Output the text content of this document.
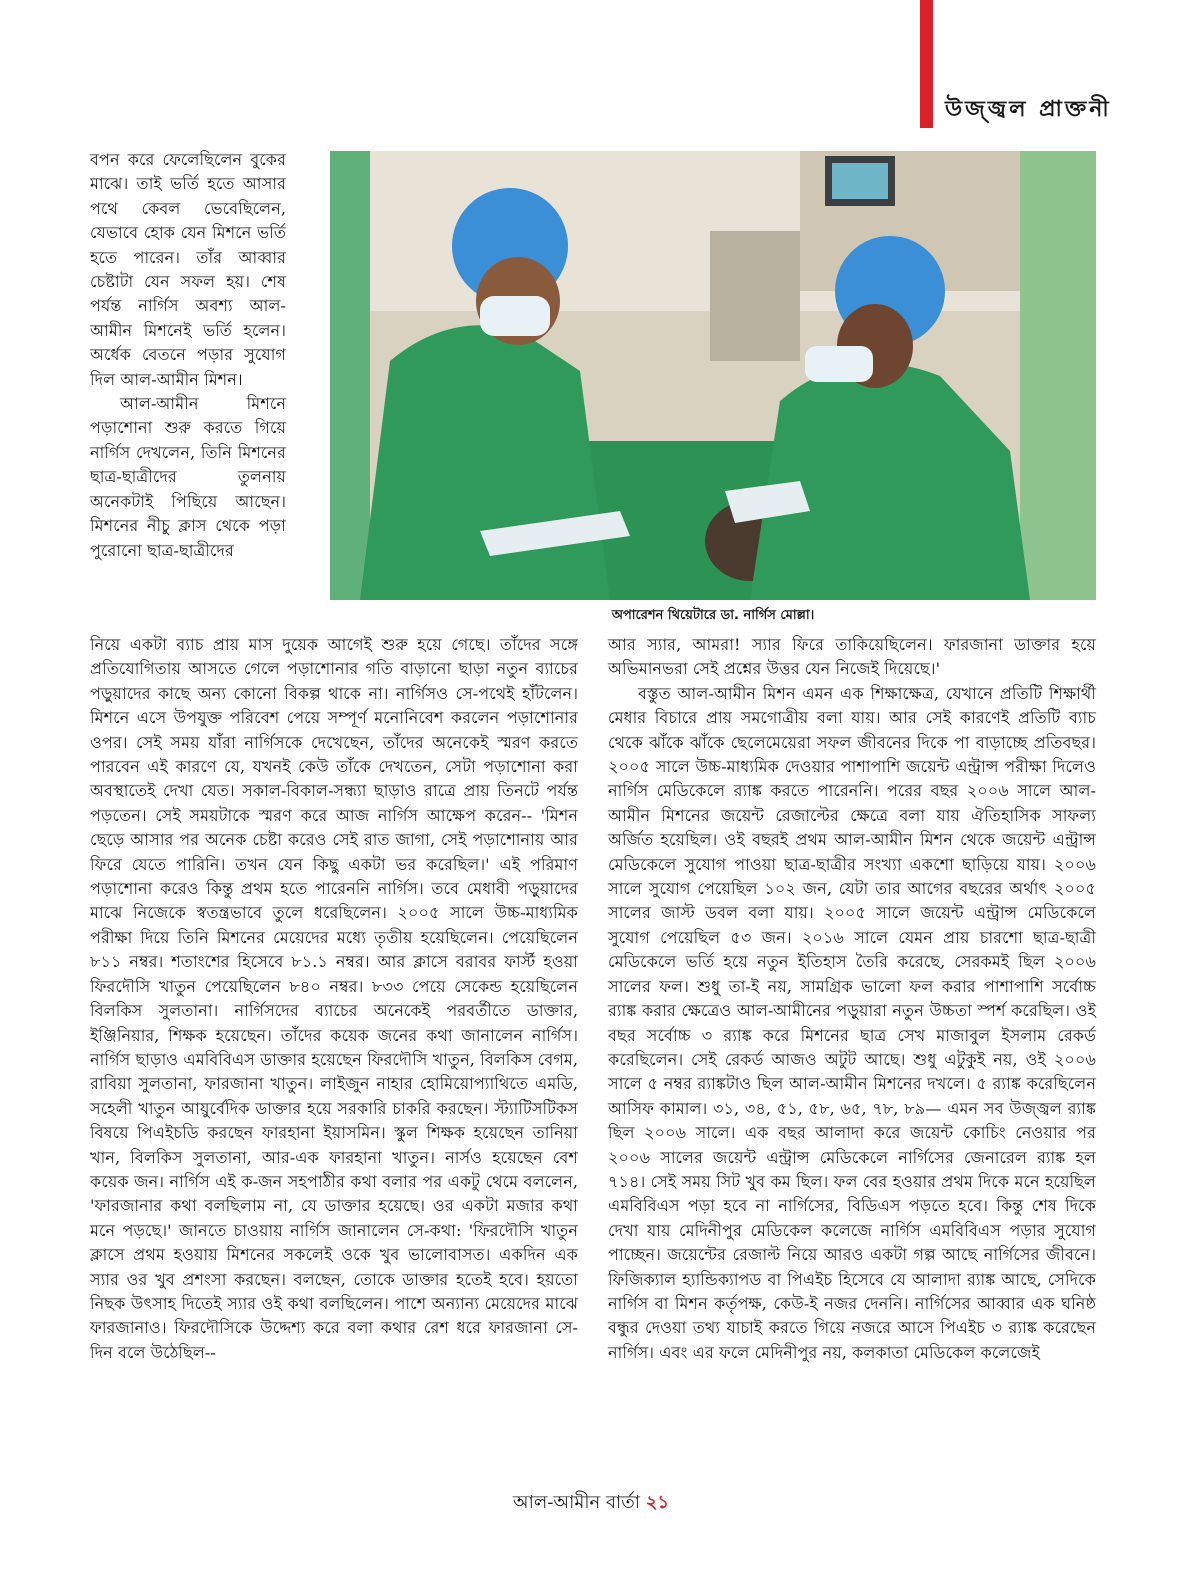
উজ্জ্বল প্রাক্তনী

বপন করে ফেলেছিলেন বুকের মাঝে। তাই ভর্তি হতে আসার পথে কেবল ভেবেছিলেন, যেভাবে হোক যেন মিশনে ভর্তি হতে পারেন। তাঁর আব্বার চেষ্টাটা যেন সফল হয়। শেষ পর্যন্ত নার্গিস অবশ্য আল-আমীন মিশনেই ভর্তি হলেন। অর্ধেক বেতনে পড়ার সুযোগ দিল আল-আমীন মিশন।

আল-আমীন মিশনে পড়াশোনা শুরু করতে গিয়ে নার্গিস দেখলেন, তিনি মিশনের ছাত্র-ছাত্রীদের তুলনায় অনেকটাই পিছিয়ে আছেন। মিশনের নীচু ক্লাস থেকে পড়া পুরোনো ছাত্র-ছাত্রীদের

অপারেশন থিয়েটারে ডা. নার্গিস মোল্লা।

নিয়ে একটা ব্যাচ প্রায় মাস দুয়েক আগেই শুরু হয়ে গেছে। তাঁদের সঙ্গে প্রতিযোগিতায় আসতে গেলে পড়াশোনার গতি বাড়ানো ছাড়া নতুন ব্যাচের পড়ুয়াদের কাছে অন্য কোনো বিকল্প থাকে না। নার্গিসও সে-পথেই হাঁটলেন। মিশনে এসে উপযুক্ত পরিবেশ পেয়ে সম্পূর্ণ মনোনিবেশ করলেন পড়াশোনার ওপর। সেই সময় যাঁরা নার্গিসকে দেখেছেন, তাঁদের অনেকেই স্মরণ করতে পারবেন এই কারণে যে, যখনই কেউ তাঁকে দেখতেন, সেটা পড়াশোনা করা অবস্থাতেই দেখা যেত। সকাল-বিকাল-সন্ধ্যা ছাড়াও রাত্রে প্রায় তিনটে পর্যন্ত পড়তেন। সেই সময়টাকে স্মরণ করে আজ নার্গিস আক্ষেপ করেন-- 'মিশন ছেড়ে আসার পর অনেক চেষ্টা করেও সেই রাত জাগা, সেই পড়াশোনায় আর ফিরে যেতে পারিনি। তখন যেন কিছু একটা ভর করেছিল।' এই পরিমাণ পড়াশোনা করেও কিন্তু প্রথম হতে পারেননি নার্গিস। তবে মেধাবী পড়ুয়াদের মাঝে নিজেকে স্বতন্ত্রভাবে তুলে ধরেছিলেন। ২০০৫ সালে উচ্চ-মাধ্যমিক পরীক্ষা দিয়ে তিনি মিশনের মেয়েদের মধ্যে তৃতীয় হয়েছিলেন। পেয়েছিলেন ৮১১ নম্বর। শতাংশের হিসেবে ৮১.১ নম্বর। আর ক্লাসে বরাবর ফার্স্ট হওয়া ফিরদৌসি খাতুন পেয়েছিলেন ৮৪০ নম্বর। ৮৩৩ পেয়ে সেকেন্ড হয়েছিলেন বিলকিস সুলতানা। নার্গিসদের ব্যাচের অনেকেই পরবর্তীতে ডাক্তার, ইঞ্জিনিয়ার, শিক্ষক হয়েছেন। তাঁদের কয়েক জনের কথা জানালেন নার্গিস। নার্গিস ছাড়াও এমবিবিএস ডাক্তার হয়েছেন ফিরদৌসি খাতুন, বিলকিস বেগম, রাবিয়া সুলতানা, ফারজানা খাতুন। লাইজুন নাহার হোমিয়োপ্যাথিতে এমডি, সহেলী খাতুন আয়ুর্বেদিক ডাক্তার হয়ে সরকারি চাকরি করছেন। স্ট্যাটিসটিকস বিষয়ে পিএইচডি করছেন ফারহানা ইয়াসমিন। স্কুল শিক্ষক হয়েছেন তানিয়া খান, বিলকিস সুলতানা, আর-এক ফারহানা খাতুন। নার্সও হয়েছেন বেশ কয়েক জন। নার্গিস এই ক-জন সহপাঠীর কথা বলার পর একটু থেমে বললেন, 'ফারজানার কথা বলছিলাম না, যে ডাক্তার হয়েছে। ওর একটা মজার কথা মনে পড়ছে।' জানতে চাওয়ায় নার্গিস জানালেন সে-কথা: 'ফিরদৌসি খাতুন ক্লাসে প্রথম হওয়ায় মিশনের সকলেই ওকে খুব ভালোবাসত। একদিন এক স্যার ওর খুব প্রশংসা করছেন। বলছেন, তোকে ডাক্তার হতেই হবে। হয়তো নিছক উৎসাহ দিতেই স্যার ওই কথা বলছিলেন। পাশে অন্যান্য মেয়েদের মাঝে ফারজানাও। ফিরদৌসিকে উদ্দেশ্য করে বলা কথার রেশ ধরে ফারজানা সে-দিন বলে উঠেছিল--

আর স্যার, আমরা! স্যার ফিরে তাকিয়েছিলেন। ফারজানা ডাক্তার হয়ে অভিমানভরা সেই প্রশ্নের উত্তর যেন নিজেই দিয়েছে।'

বস্তুত আল-আমীন মিশন এমন এক শিক্ষাক্ষেত্র, যেখানে প্রতিটি শিক্ষার্থী মেধার বিচারে প্রায় সমগোত্রীয় বলা যায়। আর সেই কারণেই প্রতিটি ব্যাচ থেকে ঝাঁকে ঝাঁকে ছেলেমেয়েরা সফল জীবনের দিকে পা বাড়াচ্ছে প্রতিবছর। ২০০৫ সালে উচ্চ-মাধ্যমিক দেওয়ার পাশাপাশি জয়েন্ট এন্ট্রান্স পরীক্ষা দিলেও নার্গিস মেডিকেলে র‍্যাঙ্ক করতে পারেননি। পরের বছর ২০০৬ সালে আল-আমীন মিশনের জয়েন্ট রেজাল্টের ক্ষেত্রে বলা যায় ঐতিহাসিক সাফল্য অর্জিত হয়েছিল। ওই বছরই প্রথম আল-আমীন মিশন থেকে জয়েন্ট এন্ট্রান্স মেডিকেলে সুযোগ পাওয়া ছাত্র-ছাত্রীর সংখ্যা একশো ছাড়িয়ে যায়। ২০০৬ সালে সুযোগ পেয়েছিল ১০২ জন, যেটা তার আগের বছরের অর্থাৎ ২০০৫ সালের জাস্ট ডবল বলা যায়। ২০০৫ সালে জয়েন্ট এন্ট্রান্স মেডিকেলে সুযোগ পেয়েছিল ৫৩ জন। ২০১৬ সালে যেমন প্রায় চারশো ছাত্র-ছাত্রী মেডিকেলে ভর্তি হয়ে নতুন ইতিহাস তৈরি করেছে, সেরকমই ছিল ২০০৬ সালের ফল। শুধু তা-ই নয়, সামগ্রিক ভালো ফল করার পাশাপাশি সর্বোচ্চ র‍্যাঙ্ক করার ক্ষেত্রেও আল-আমীনের পড়ুয়ারা নতুন উচ্চতা স্পর্শ করেছিল। ওই বছর সর্বোচ্চ ৩ র‍্যাঙ্ক করে মিশনের ছাত্র সেখ মাজাবুল ইসলাম রেকর্ড করেছিলেন। সেই রেকর্ড আজও অটুট আছে। শুধু এটুকুই নয়, ওই ২০০৬ সালে ৫ নম্বর র‍্যাঙ্কটাও ছিল আল-আমীন মিশনের দখলে। ৫ র‍্যাঙ্ক করেছিলেন আসিফ কামাল। ৩১, ৩৪, ৫১, ৫৮, ৬৫, ৭৮, ৮৯— এমন সব উজ্জ্বল র‍্যাঙ্ক ছিল ২০০৬ সালে। এক বছর আলাদা করে জয়েন্ট কোচিং নেওয়ার পর ২০০৬ সালের জয়েন্ট এন্ট্রান্স মেডিকেলে নার্গিসের জেনারেল র‍্যাঙ্ক হল ৭১৪। সেই সময় সিট খুব কম ছিল। ফল বের হওয়ার প্রথম দিকে মনে হয়েছিল এমবিবিএস পড়া হবে না নার্গিসের, বিডিএস পড়তে হবে। কিন্তু শেষ দিকে দেখা যায় মেদিনীপুর মেডিকেল কলেজে নার্গিস এমবিবিএস পড়ার সুযোগ পাচ্ছেন। জয়েন্টের রেজাল্ট নিয়ে আরও একটা গল্প আছে নার্গিসের জীবনে। ফিজিক্যাল হ্যান্ডিক্যাপড বা পিএইচ হিসেবে যে আলাদা র‍্যাঙ্ক আছে, সেদিকে নার্গিস বা মিশন কর্তৃপক্ষ, কেউ-ই নজর দেননি। নার্গিসের আব্বার এক ঘনিষ্ঠ বন্ধুর দেওয়া তথ্য যাচাই করতে গিয়ে নজরে আসে পিএইচ ৩ র‍্যাঙ্ক করেছেন নার্গিস। এবং এর ফলে মেদিনীপুর নয়, কলকাতা মেডিকেল কলেজেই

আল-আমীন বার্তা ২১
